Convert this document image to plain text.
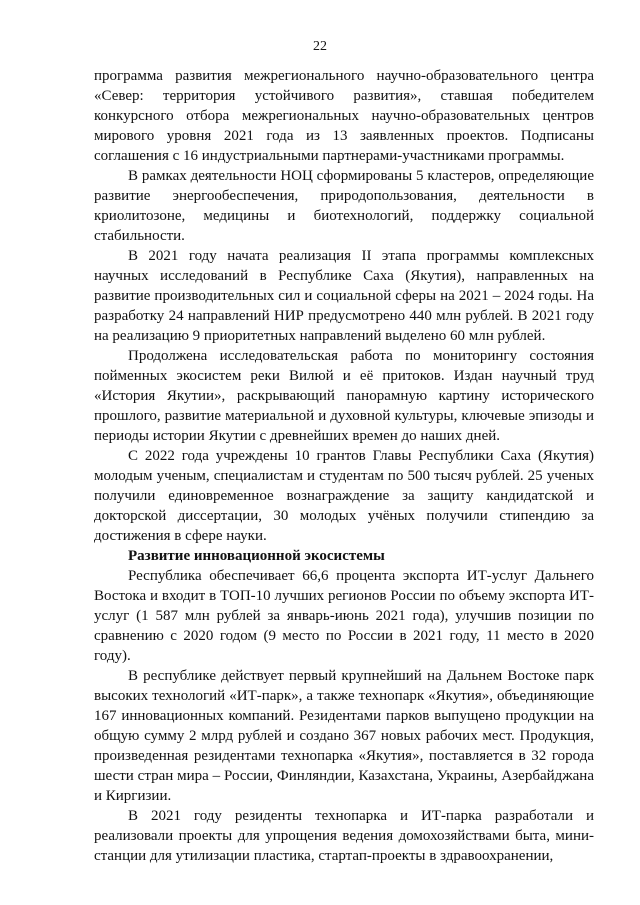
22

программа развития межрегионального научно-образовательного центра «Север: территория устойчивого развития», ставшая победителем конкурсного отбора межрегиональных научно-образовательных центров мирового уровня 2021 года из 13 заявленных проектов. Подписаны соглашения с 16 индустриальными партнерами-участниками программы.

В рамках деятельности НОЦ сформированы 5 кластеров, определяющие развитие энергообеспечения, природопользования, деятельности в криолитозоне, медицины и биотехнологий, поддержку социальной стабильности.

В 2021 году начата реализация II этапа программы комплексных научных исследований в Республике Саха (Якутия), направленных на развитие производительных сил и социальной сферы на 2021 – 2024 годы. На разработку 24 направлений НИР предусмотрено 440 млн рублей. В 2021 году на реализацию 9 приоритетных направлений выделено 60 млн рублей.

Продолжена исследовательская работа по мониторингу состояния пойменных экосистем реки Вилюй и её притоков. Издан научный труд «История Якутии», раскрывающий панорамную картину исторического прошлого, развитие материальной и духовной культуры, ключевые эпизоды и периоды истории Якутии с древнейших времен до наших дней.

С 2022 года учреждены 10 грантов Главы Республики Саха (Якутия) молодым ученым, специалистам и студентам по 500 тысяч рублей. 25 ученых получили единовременное вознаграждение за защиту кандидатской и докторской диссертации, 30 молодых учёных получили стипендию за достижения в сфере науки.

Развитие инновационной экосистемы

Республика обеспечивает 66,6 процента экспорта ИТ-услуг Дальнего Востока и входит в ТОП-10 лучших регионов России по объему экспорта ИТ-услуг (1 587 млн рублей за январь-июнь 2021 года), улучшив позиции по сравнению с 2020 годом (9 место по России в 2021 году, 11 место в 2020 году).

В республике действует первый крупнейший на Дальнем Востоке парк высоких технологий «ИТ-парк», а также технопарк «Якутия», объединяющие 167 инновационных компаний. Резидентами парков выпущено продукции на общую сумму 2 млрд рублей и создано 367 новых рабочих мест. Продукция, произведенная резидентами технопарка «Якутия», поставляется в 32 города шести стран мира – России, Финляндии, Казахстана, Украины, Азербайджана и Киргизии.

В 2021 году резиденты технопарка и ИТ-парка разработали и реализовали проекты для упрощения ведения домохозяйствами быта, мини-станции для утилизации пластика, стартап-проекты в здравоохранении,
